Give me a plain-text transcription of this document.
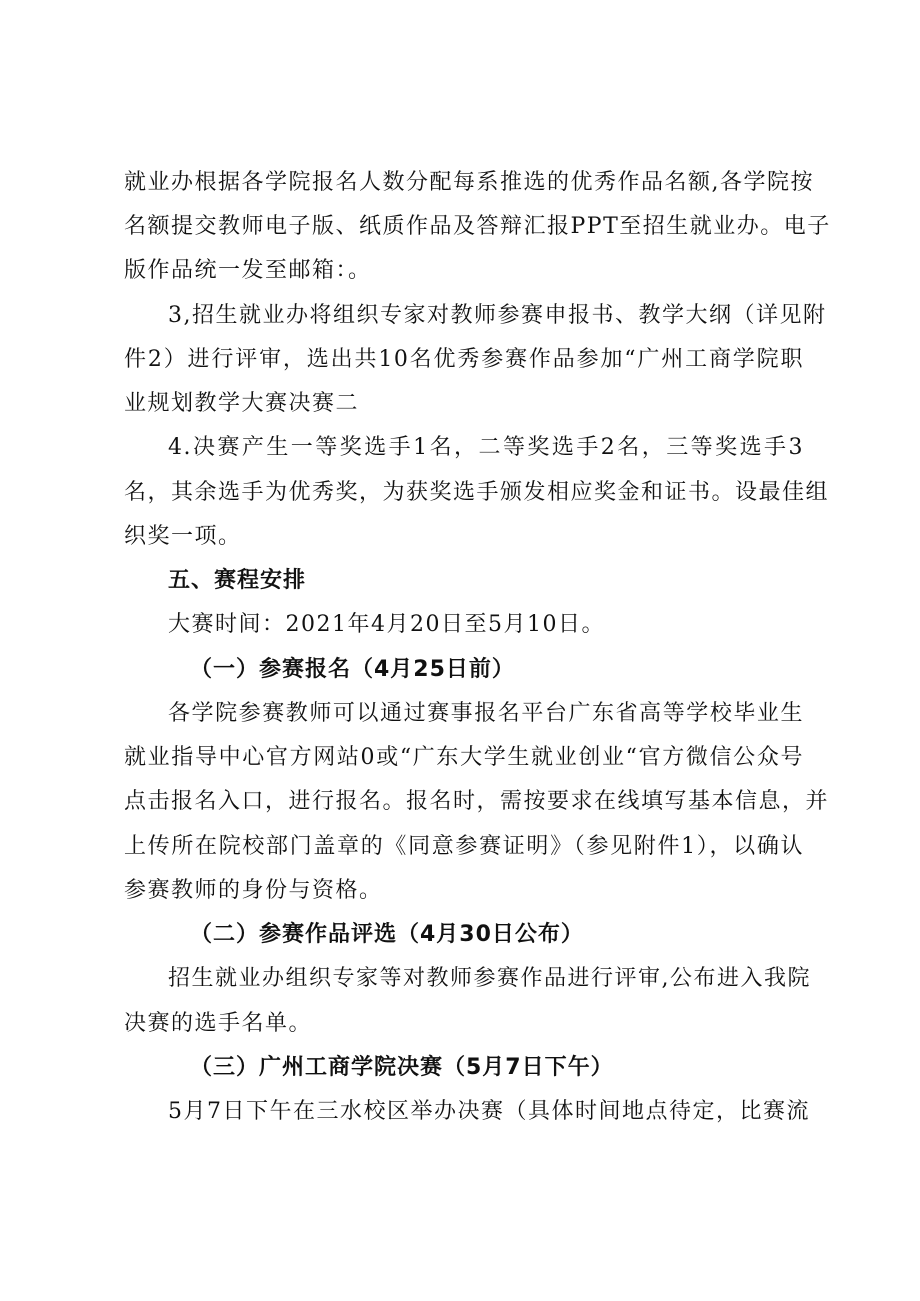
就业办根据各学院报名人数分配每系推选的优秀作品名额,各学院按
名额提交教师电子版、纸质作品及答辩汇报PPT至招生就业办。电子
版作品统一发至邮箱：。
3,招生就业办将组织专家对教师参赛申报书、教学大纲（详见附
件2）进行评审，选出共10名优秀参赛作品参加“广州工商学院职
业规划教学大赛决赛二
4.决赛产生一等奖选手1名，二等奖选手2名，三等奖选手3
名，其余选手为优秀奖，为获奖选手颁发相应奖金和证书。设最佳组
织奖一项。
五、赛程安排
大赛时间：2021年4月20日至5月10日。
（一）参赛报名（4月25日前）
各学院参赛教师可以通过赛事报名平台广东省高等学校毕业生
就业指导中心官方网站0或“广东大学生就业创业“官方微信公众号
点击报名入口，进行报名。报名时，需按要求在线填写基本信息，并
上传所在院校部门盖章的《同意参赛证明》（参见附件1），以确认
参赛教师的身份与资格。
（二）参赛作品评选（4月30日公布）
招生就业办组织专家等对教师参赛作品进行评审,公布进入我院
决赛的选手名单。
（三）广州工商学院决赛（5月7日下午）
5月7日下午在三水校区举办决赛（具体时间地点待定，比赛流
